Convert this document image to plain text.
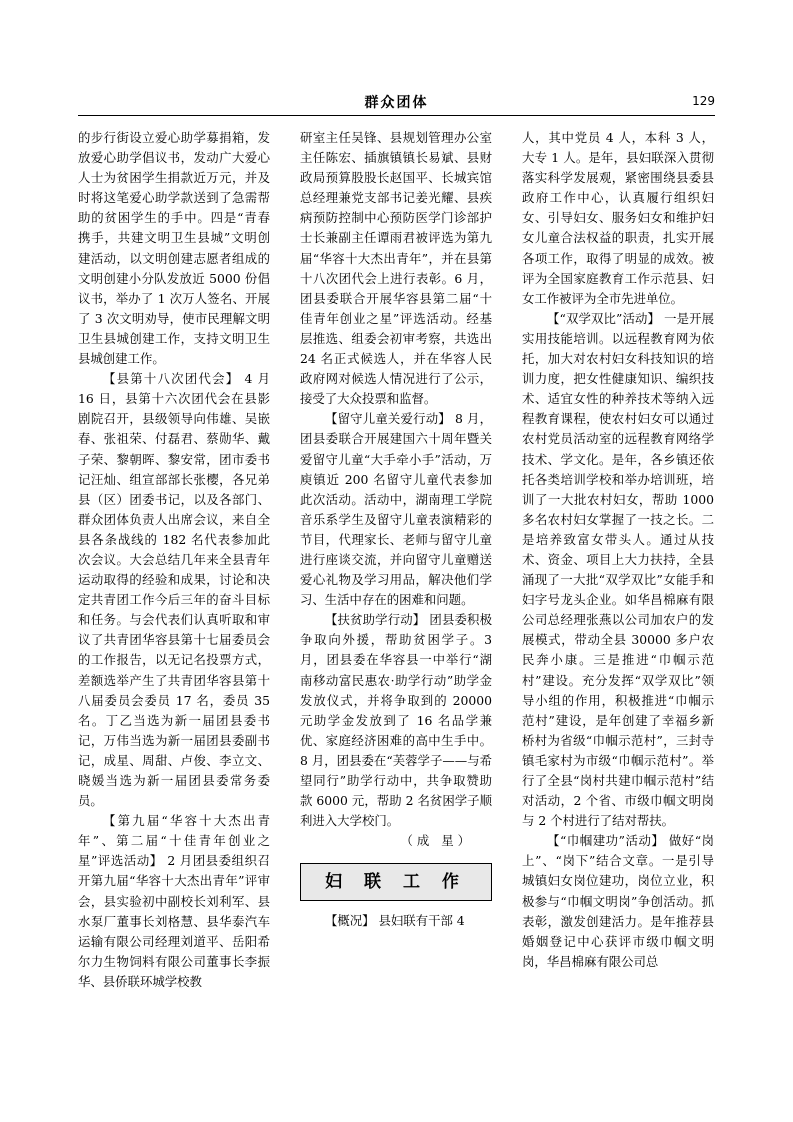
群众团体	129

的步行街设立爱心助学募捐箱，发放爱心助学倡议书，发动广大爱心人士为贫困学生捐款近万元，并及时将这笔爱心助学款送到了急需帮助的贫困学生的手中。四是“青春携手，共建文明卫生县城”文明创建活动，以文明创建志愿者组成的文明创建小分队发放近 5000 份倡议书，举办了 1 次万人签名、开展了 3 次文明劝导，使市民理解文明卫生县城创建工作，支持文明卫生县城创建工作。

【县第十八次团代会】 4 月 16 日，县第十六次团代会在县影剧院召开，县级领导向伟雄、吴嵌春、张祖荣、付磊君、蔡勋华、戴子荣、黎朝晖、黎安常，团市委书记汪灿、组宣部部长张樱，各兄弟县（区）团委书记，以及各部门、群众团体负责人出席会议，来自全县各条战线的 182 名代表参加此次会议。大会总结几年来全县青年运动取得的经验和成果，讨论和决定共青团工作今后三年的奋斗目标和任务。与会代表们认真听取和审议了共青团华容县第十七届委员会的工作报告，以无记名投票方式，差额选举产生了共青团华容县第十八届委员会委员 17 名，委员 35 名。丁乙当选为新一届团县委书记，万伟当选为新一届团县委副书记，成星、周甜、卢俊、李立文、晓媛当选为新一届团县委常务委员。

【第九届“华容十大杰出青年”、第二届“十佳青年创业之星”评选活动】 2 月团县委组织召开第九届“华容十大杰出青年”评审会，县实验初中副校长刘利军、县水泵厂董事长刘格慧、县华泰汽车运输有限公司经理刘道平、岳阳希尔力生物饲料有限公司董事长李振华、县侨联环城学校教

研室主任吴锋、县规划管理办公室主任陈宏、插旗镇镇长易斌、县财政局预算股股长赵国平、长城宾馆总经理兼党支部书记姜光耀、县疾病预防控制中心预防医学门诊部护士长兼副主任谭雨君被评选为第九届“华容十大杰出青年”，并在县第十八次团代会上进行表彰。6 月，团县委联合开展华容县第二届“十佳青年创业之星”评选活动。经基层推选、组委会初审考察，共选出 24 名正式候选人，并在华容人民政府网对候选人情况进行了公示，接受了大众投票和监督。

【留守儿童关爱行动】 8 月，团县委联合开展建国六十周年暨关爱留守儿童“大手牵小手”活动，万庾镇近 200 名留守儿童代表参加此次活动。活动中，湖南理工学院音乐系学生及留守儿童表演精彩的节目，代理家长、老师与留守儿童进行座谈交流，并向留守儿童赠送爱心礼物及学习用品，解决他们学习、生活中存在的困难和问题。

【扶贫助学行动】 团县委积极争取向外援，帮助贫困学子。3 月，团县委在华容县一中举行“湖南移动富民惠农·助学行动”助学金发放仪式，并将争取到的 20000 元助学金发放到了 16 名品学兼优、家庭经济困难的高中生手中。8 月，团县委在“芙蓉学子——与希望同行”助学行动中，共争取赞助款 6000 元，帮助 2 名贫困学子顺利进入大学校门。

（成 星）

妇 联 工 作

【概况】 县妇联有干部 4

人，其中党员 4 人，本科 3 人，大专 1 人。是年，县妇联深入贯彻落实科学发展观，紧密围绕县委县政府工作中心，认真履行组织妇女、引导妇女、服务妇女和维护妇女儿童合法权益的职责，扎实开展各项工作，取得了明显的成效。被评为全国家庭教育工作示范县、妇女工作被评为全市先进单位。

【“双学双比”活动】 一是开展实用技能培训。以远程教育网为依托，加大对农村妇女科技知识的培训力度，把女性健康知识、编织技术、适宜女性的种养技术等纳入远程教育课程，使农村妇女可以通过农村党员活动室的远程教育网络学技术、学文化。是年，各乡镇还依托各类培训学校和举办培训班，培训了一大批农村妇女，帮助 1000 多名农村妇女掌握了一技之长。二是培养致富女带头人。通过从技术、资金、项目上大力扶持，全县涌现了一大批“双学双比”女能手和妇字号龙头企业。如华昌棉麻有限公司总经理张燕以公司加农户的发展模式，带动全县 30000 多户农民奔小康。三是推进“巾帼示范村”建设。充分发挥“双学双比”领导小组的作用，积极推进“巾帼示范村”建设，是年创建了幸福乡新桥村为省级“巾帼示范村”，三封寺镇毛家村为市级“巾帼示范村”。举行了全县“岗村共建巾帼示范村”结对活动，2 个省、市级巾帼文明岗与 2 个村进行了结对帮扶。

【“巾帼建功”活动】 做好“岗上”、“岗下”结合文章。一是引导城镇妇女岗位建功，岗位立业，积极参与“巾帼文明岗”争创活动。抓表彰，激发创建活力。是年推荐县婚姻登记中心获评市级巾帼文明岗，华昌棉麻有限公司总
